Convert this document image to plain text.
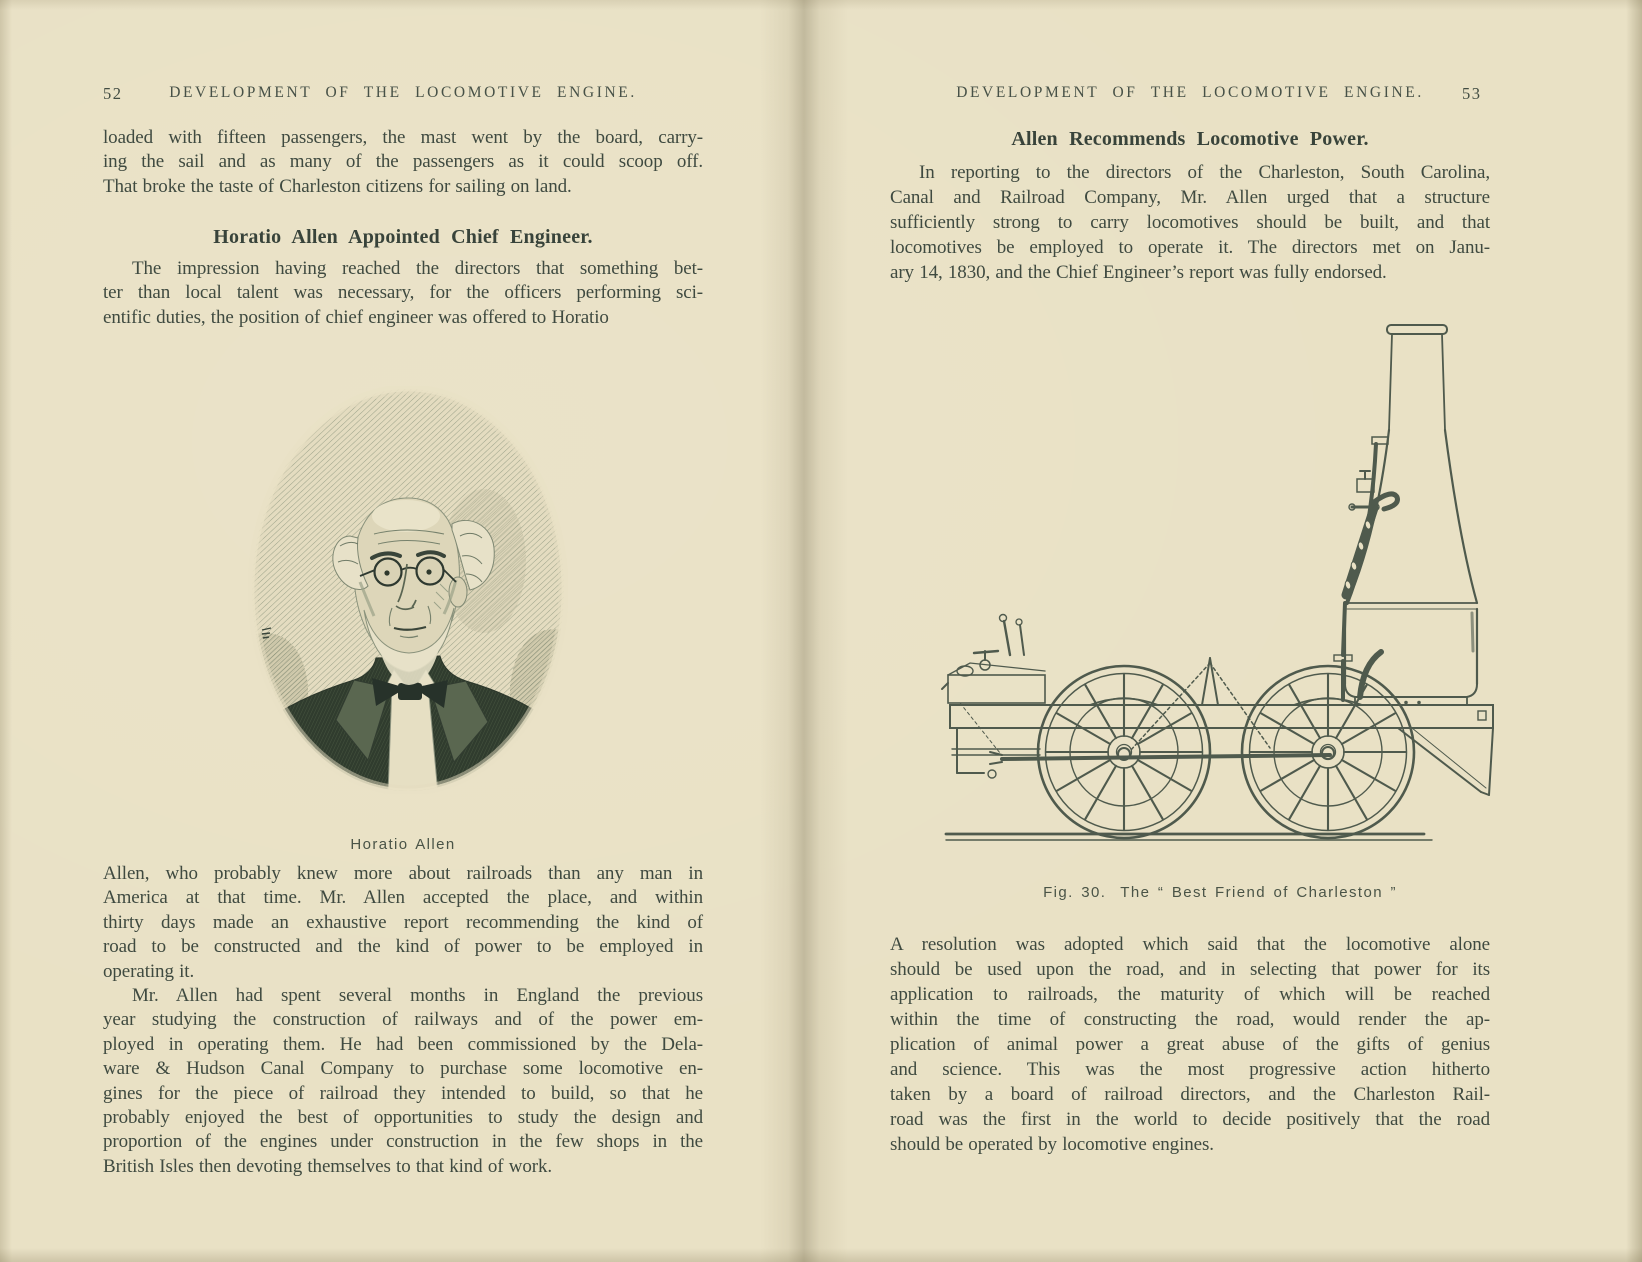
52	DEVELOPMENT OF THE LOCOMOTIVE ENGINE.
loaded with fifteen passengers, the mast went by the board, carry-
ing the sail and as many of the passengers as it could scoop off.
That broke the taste of Charleston citizens for sailing on land.
Horatio Allen Appointed Chief Engineer.
The impression having reached the directors that something bet-
ter than local talent was necessary, for the officers performing sci-
entific duties, the position of chief engineer was offered to Horatio
Horatio Allen
Allen, who probably knew more about railroads than any man in
America at that time. Mr. Allen accepted the place, and within
thirty days made an exhaustive report recommending the kind of
road to be constructed and the kind of power to be employed in
operating it.
Mr. Allen had spent several months in England the previous
year studying the construction of railways and of the power em-
ployed in operating them. He had been commissioned by the Dela-
ware & Hudson Canal Company to purchase some locomotive en-
gines for the piece of railroad they intended to build, so that he
probably enjoyed the best of opportunities to study the design and
proportion of the engines under construction in the few shops in the
British Isles then devoting themselves to that kind of work.
DEVELOPMENT OF THE LOCOMOTIVE ENGINE.	53
Allen Recommends Locomotive Power.
In reporting to the directors of the Charleston, South Carolina,
Canal and Railroad Company, Mr. Allen urged that a structure
sufficiently strong to carry locomotives should be built, and that
locomotives be employed to operate it. The directors met on Janu-
ary 14, 1830, and the Chief Engineer’s report was fully endorsed.
Fig. 30. The “ Best Friend of Charleston ”
A resolution was adopted which said that the locomotive alone
should be used upon the road, and in selecting that power for its
application to railroads, the maturity of which will be reached
within the time of constructing the road, would render the ap-
plication of animal power a great abuse of the gifts of genius
and science. This was the most progressive action hitherto
taken by a board of railroad directors, and the Charleston Rail-
road was the first in the world to decide positively that the road
should be operated by locomotive engines.
